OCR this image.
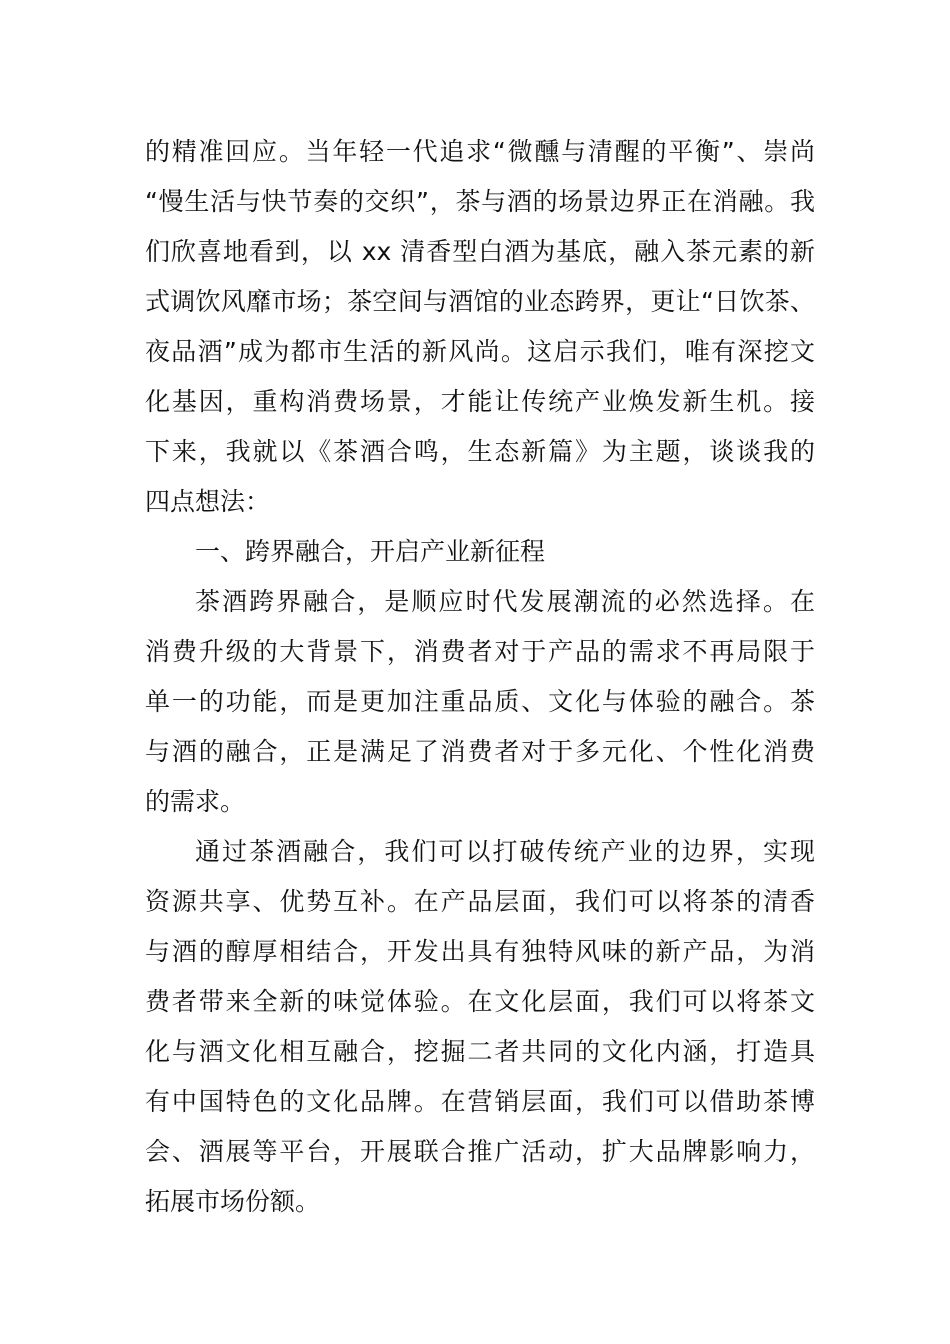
的精准回应。当年轻一代追求“微醺与清醒的平衡”、崇尚
“慢生活与快节奏的交织”，茶与酒的场景边界正在消融。我
们欣喜地看到，以 xx 清香型白酒为基底，融入茶元素的新
式调饮风靡市场；茶空间与酒馆的业态跨界，更让“日饮茶、
夜品酒”成为都市生活的新风尚。这启示我们，唯有深挖文
化基因，重构消费场景，才能让传统产业焕发新生机。接
下来，我就以《茶酒合鸣，生态新篇》为主题，谈谈我的
四点想法：
一、跨界融合，开启产业新征程
茶酒跨界融合，是顺应时代发展潮流的必然选择。在
消费升级的大背景下，消费者对于产品的需求不再局限于
单一的功能，而是更加注重品质、文化与体验的融合。茶
与酒的融合，正是满足了消费者对于多元化、个性化消费
的需求。
通过茶酒融合，我们可以打破传统产业的边界，实现
资源共享、优势互补。在产品层面，我们可以将茶的清香
与酒的醇厚相结合，开发出具有独特风味的新产品，为消
费者带来全新的味觉体验。在文化层面，我们可以将茶文
化与酒文化相互融合，挖掘二者共同的文化内涵，打造具
有中国特色的文化品牌。在营销层面，我们可以借助茶博
会、酒展等平台，开展联合推广活动，扩大品牌影响力，
拓展市场份额。
